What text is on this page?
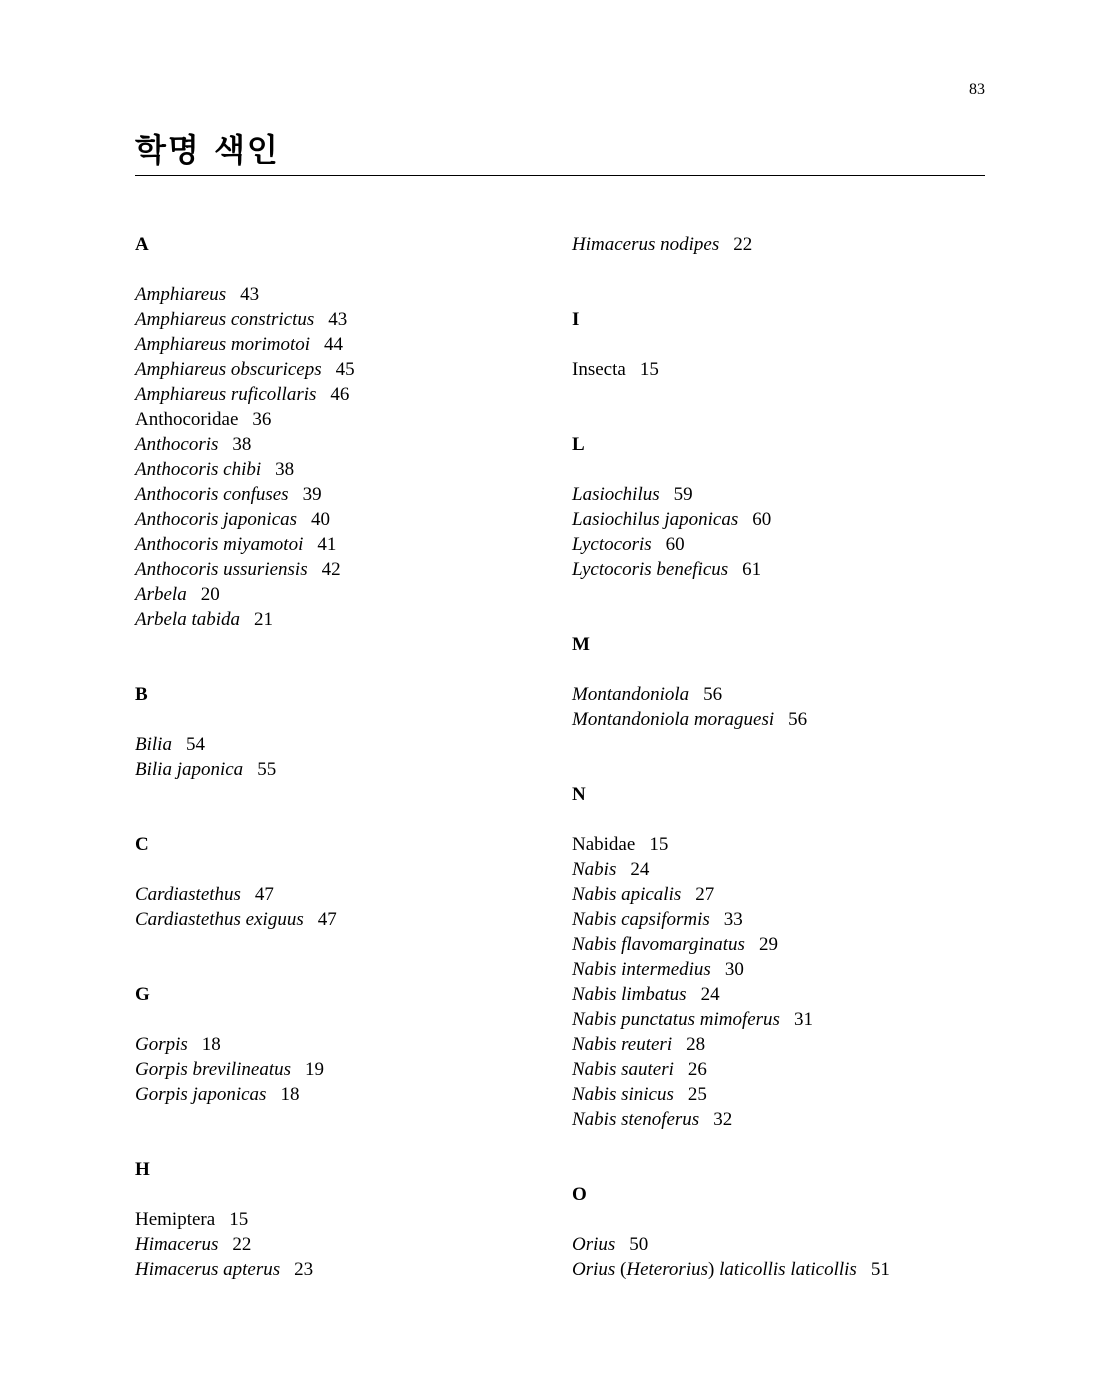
83
학명 색인
A
Amphiareus 43
Amphiareus constrictus 43
Amphiareus morimotoi 44
Amphiareus obscuriceps 45
Amphiareus ruficollaris 46
Anthocoridae 36
Anthocoris 38
Anthocoris chibi 38
Anthocoris confuses 39
Anthocoris japonicas 40
Anthocoris miyamotoi 41
Anthocoris ussuriensis 42
Arbela 20
Arbela tabida 21
B
Bilia 54
Bilia japonica 55
C
Cardiastethus 47
Cardiastethus exiguus 47
G
Gorpis 18
Gorpis brevilineatus 19
Gorpis japonicas 18
H
Hemiptera 15
Himacerus 22
Himacerus apterus 23
Himacerus nodipes 22
I
Insecta 15
L
Lasiochilus 59
Lasiochilus japonicas 60
Lyctocoris 60
Lyctocoris beneficus 61
M
Montandoniola 56
Montandoniola moraguesi 56
N
Nabidae 15
Nabis 24
Nabis apicalis 27
Nabis capsiformis 33
Nabis flavomarginatus 29
Nabis intermedius 30
Nabis limbatus 24
Nabis punctatus mimoferus 31
Nabis reuteri 28
Nabis sauteri 26
Nabis sinicus 25
Nabis stenoferus 32
O
Orius 50
Orius (Heterorius) laticollis laticollis 51
